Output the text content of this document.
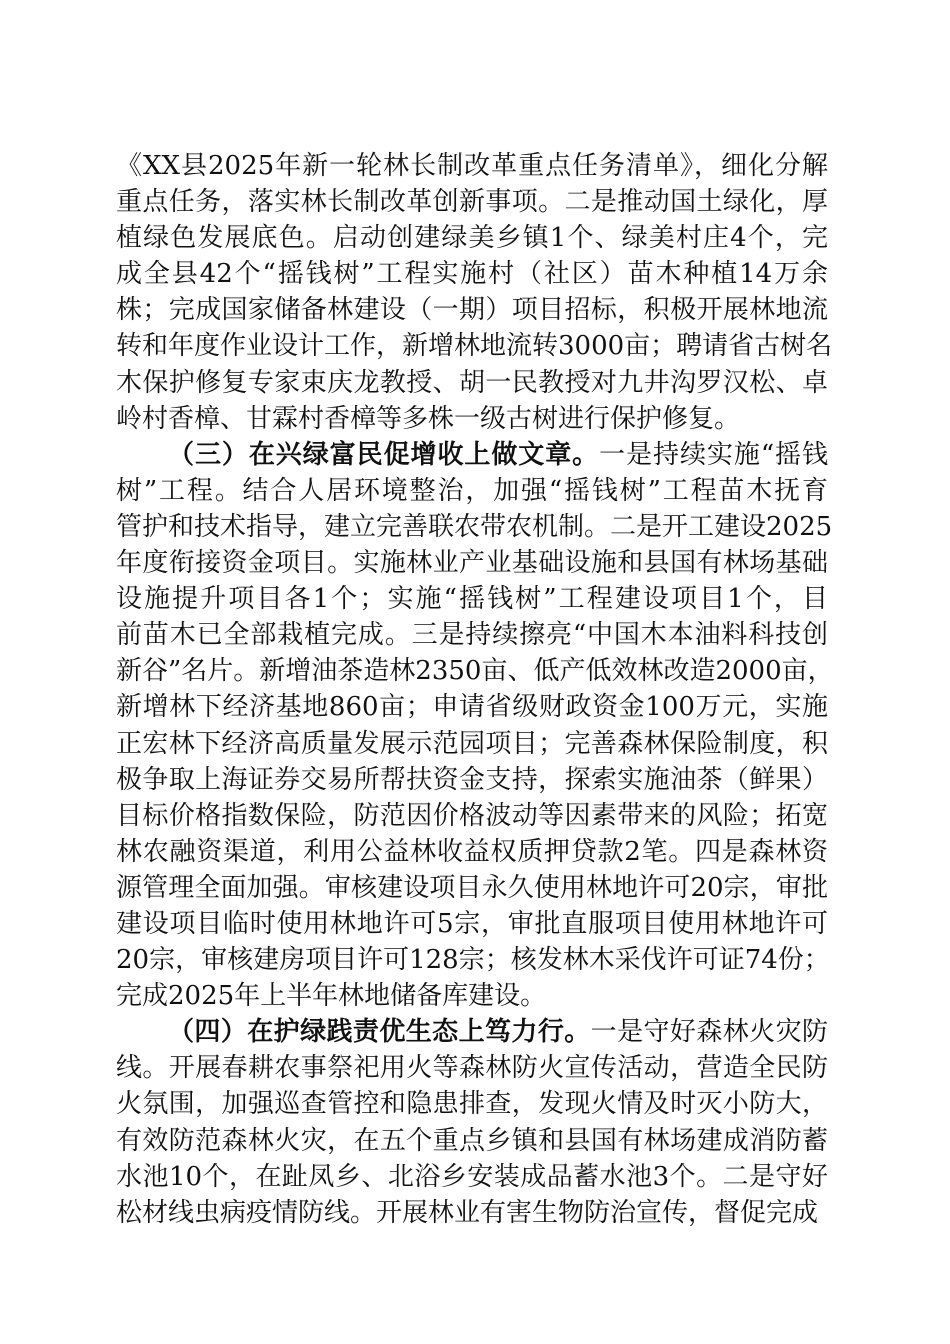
《XX县2025年新一轮林长制改革重点任务清单》，细化分解
重点任务，落实林长制改革创新事项。二是推动国土绿化，厚
植绿色发展底色。启动创建绿美乡镇1个、绿美村庄4个，完
成全县42个“摇钱树”工程实施村（社区）苗木种植14万余
株；完成国家储备林建设（一期）项目招标，积极开展林地流
转和年度作业设计工作，新增林地流转3000亩；聘请省古树名
木保护修复专家束庆龙教授、胡一民教授对九井沟罗汉松、卓
岭村香樟、甘霖村香樟等多株一级古树进行保护修复。
（三）在兴绿富民促增收上做文章。一是持续实施“摇钱
树”工程。结合人居环境整治，加强“摇钱树”工程苗木抚育
管护和技术指导，建立完善联农带农机制。二是开工建设2025
年度衔接资金项目。实施林业产业基础设施和县国有林场基础
设施提升项目各1个；实施“摇钱树”工程建设项目1个，目
前苗木已全部栽植完成。三是持续擦亮“中国木本油料科技创
新谷”名片。新增油茶造林2350亩、低产低效林改造2000亩，
新增林下经济基地860亩；申请省级财政资金100万元，实施
正宏林下经济高质量发展示范园项目；完善森林保险制度，积
极争取上海证券交易所帮扶资金支持，探索实施油茶（鲜果）
目标价格指数保险，防范因价格波动等因素带来的风险；拓宽
林农融资渠道，利用公益林收益权质押贷款2笔。四是森林资
源管理全面加强。审核建设项目永久使用林地许可20宗，审批
建设项目临时使用林地许可5宗，审批直服项目使用林地许可
20宗，审核建房项目许可128宗；核发林木采伐许可证74份；
完成2025年上半年林地储备库建设。
（四）在护绿践责优生态上笃力行。一是守好森林火灾防
线。开展春耕农事祭祀用火等森林防火宣传活动，营造全民防
火氛围，加强巡查管控和隐患排查，发现火情及时灭小防大，
有效防范森林火灾，在五个重点乡镇和县国有林场建成消防蓄
水池10个，在趾凤乡、北浴乡安装成品蓄水池3个。二是守好
松材线虫病疫情防线。开展林业有害生物防治宣传，督促完成
